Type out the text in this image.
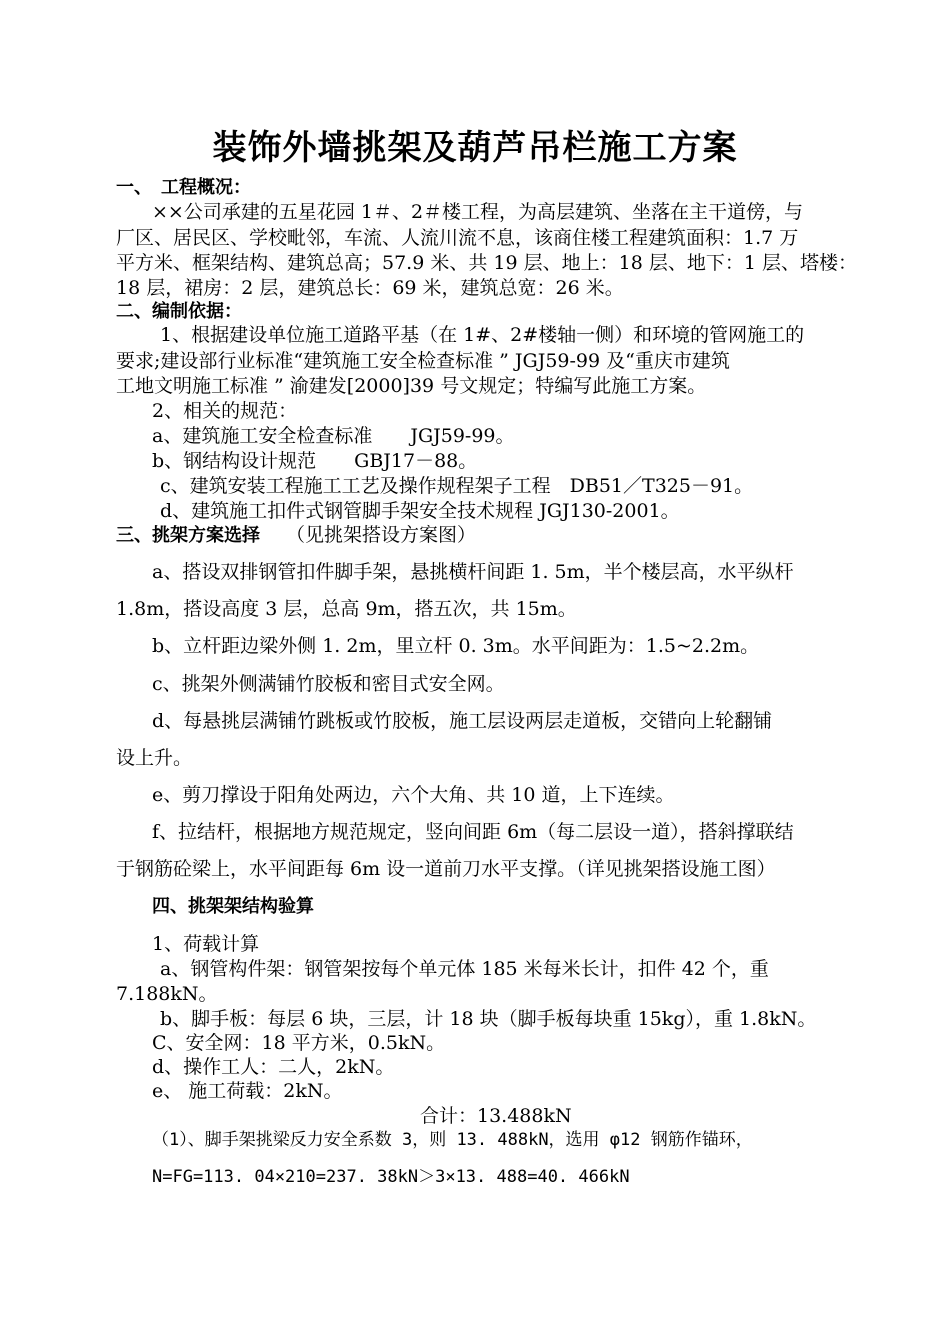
装饰外墙挑架及葫芦吊栏施工方案
一、　工程概况：
××公司承建的五星花园 1＃、2＃楼工程，为高层建筑、坐落在主干道傍，与
厂区、居民区、学校毗邻，车流、人流川流不息，该商住楼工程建筑面积：1.7 万
平方米、框架结构、建筑总高；57.9 米、共 19 层、地上：18 层、地下：1 层、塔楼：
18 层，裙房：2 层，建筑总长：69 米，建筑总宽：26 米。
二、编制依据：
1、根据建设单位施工道路平基（在 1#、2#楼轴一侧）和环境的管网施工的
要求;建设部行业标准“建筑施工安全检查标准 ” JGJ59-99 及“重庆市建筑
工地文明施工标准 ” 渝建发[2000]39 号文规定；特编写此施工方案。
2、相关的规范：
a、建筑施工安全检查标准　　JGJ59-99。
b、钢结构设计规范　　GBJ17－88。
c、建筑安装工程施工工艺及操作规程架子工程　DB51／T325－91。
d、建筑施工扣件式钢管脚手架安全技术规程 JGJ130-2001。
三、挑架方案选择 （见挑架搭设方案图）
a、搭设双排钢管扣件脚手架，悬挑横杆间距 1. 5m，半个楼层高，水平纵杆
1.8m，搭设高度 3 层，总高 9m，搭五次，共 15m。
b、立杆距边梁外侧 1. 2m，里立杆 0. 3m。水平间距为：1.5~2.2m。
c、挑架外侧满铺竹胶板和密目式安全网。
d、每悬挑层满铺竹跳板或竹胶板，施工层设两层走道板，交错向上轮翻铺
设上升。
e、剪刀撑设于阳角处两边，六个大角、共 10 道，上下连续。
f、拉结杆，根据地方规范规定，竖向间距 6m（每二层设一道），搭斜撑联结
于钢筋砼梁上，水平间距每 6m 设一道前刀水平支撑。（详见挑架搭设施工图）
四、挑架架结构验算
1、荷载计算
a、钢管构件架：钢管架按每个单元体 185 米每米长计，扣件 42 个，重
7.188kN。
b、脚手板：每层 6 块，三层，计 18 块（脚手板每块重 15kg），重 1.8kN。
C、安全网：18 平方米，0.5kN。
d、操作工人：二人，2kN。
e、 施工荷载：2kN。
合计：13.488kN
（1）、脚手架挑梁反力安全系数 3，则 13. 488kN，选用 φ12 钢筋作锚环，
N=FG=113. 04×210=237. 38kN＞3×13. 488=40. 466kN
